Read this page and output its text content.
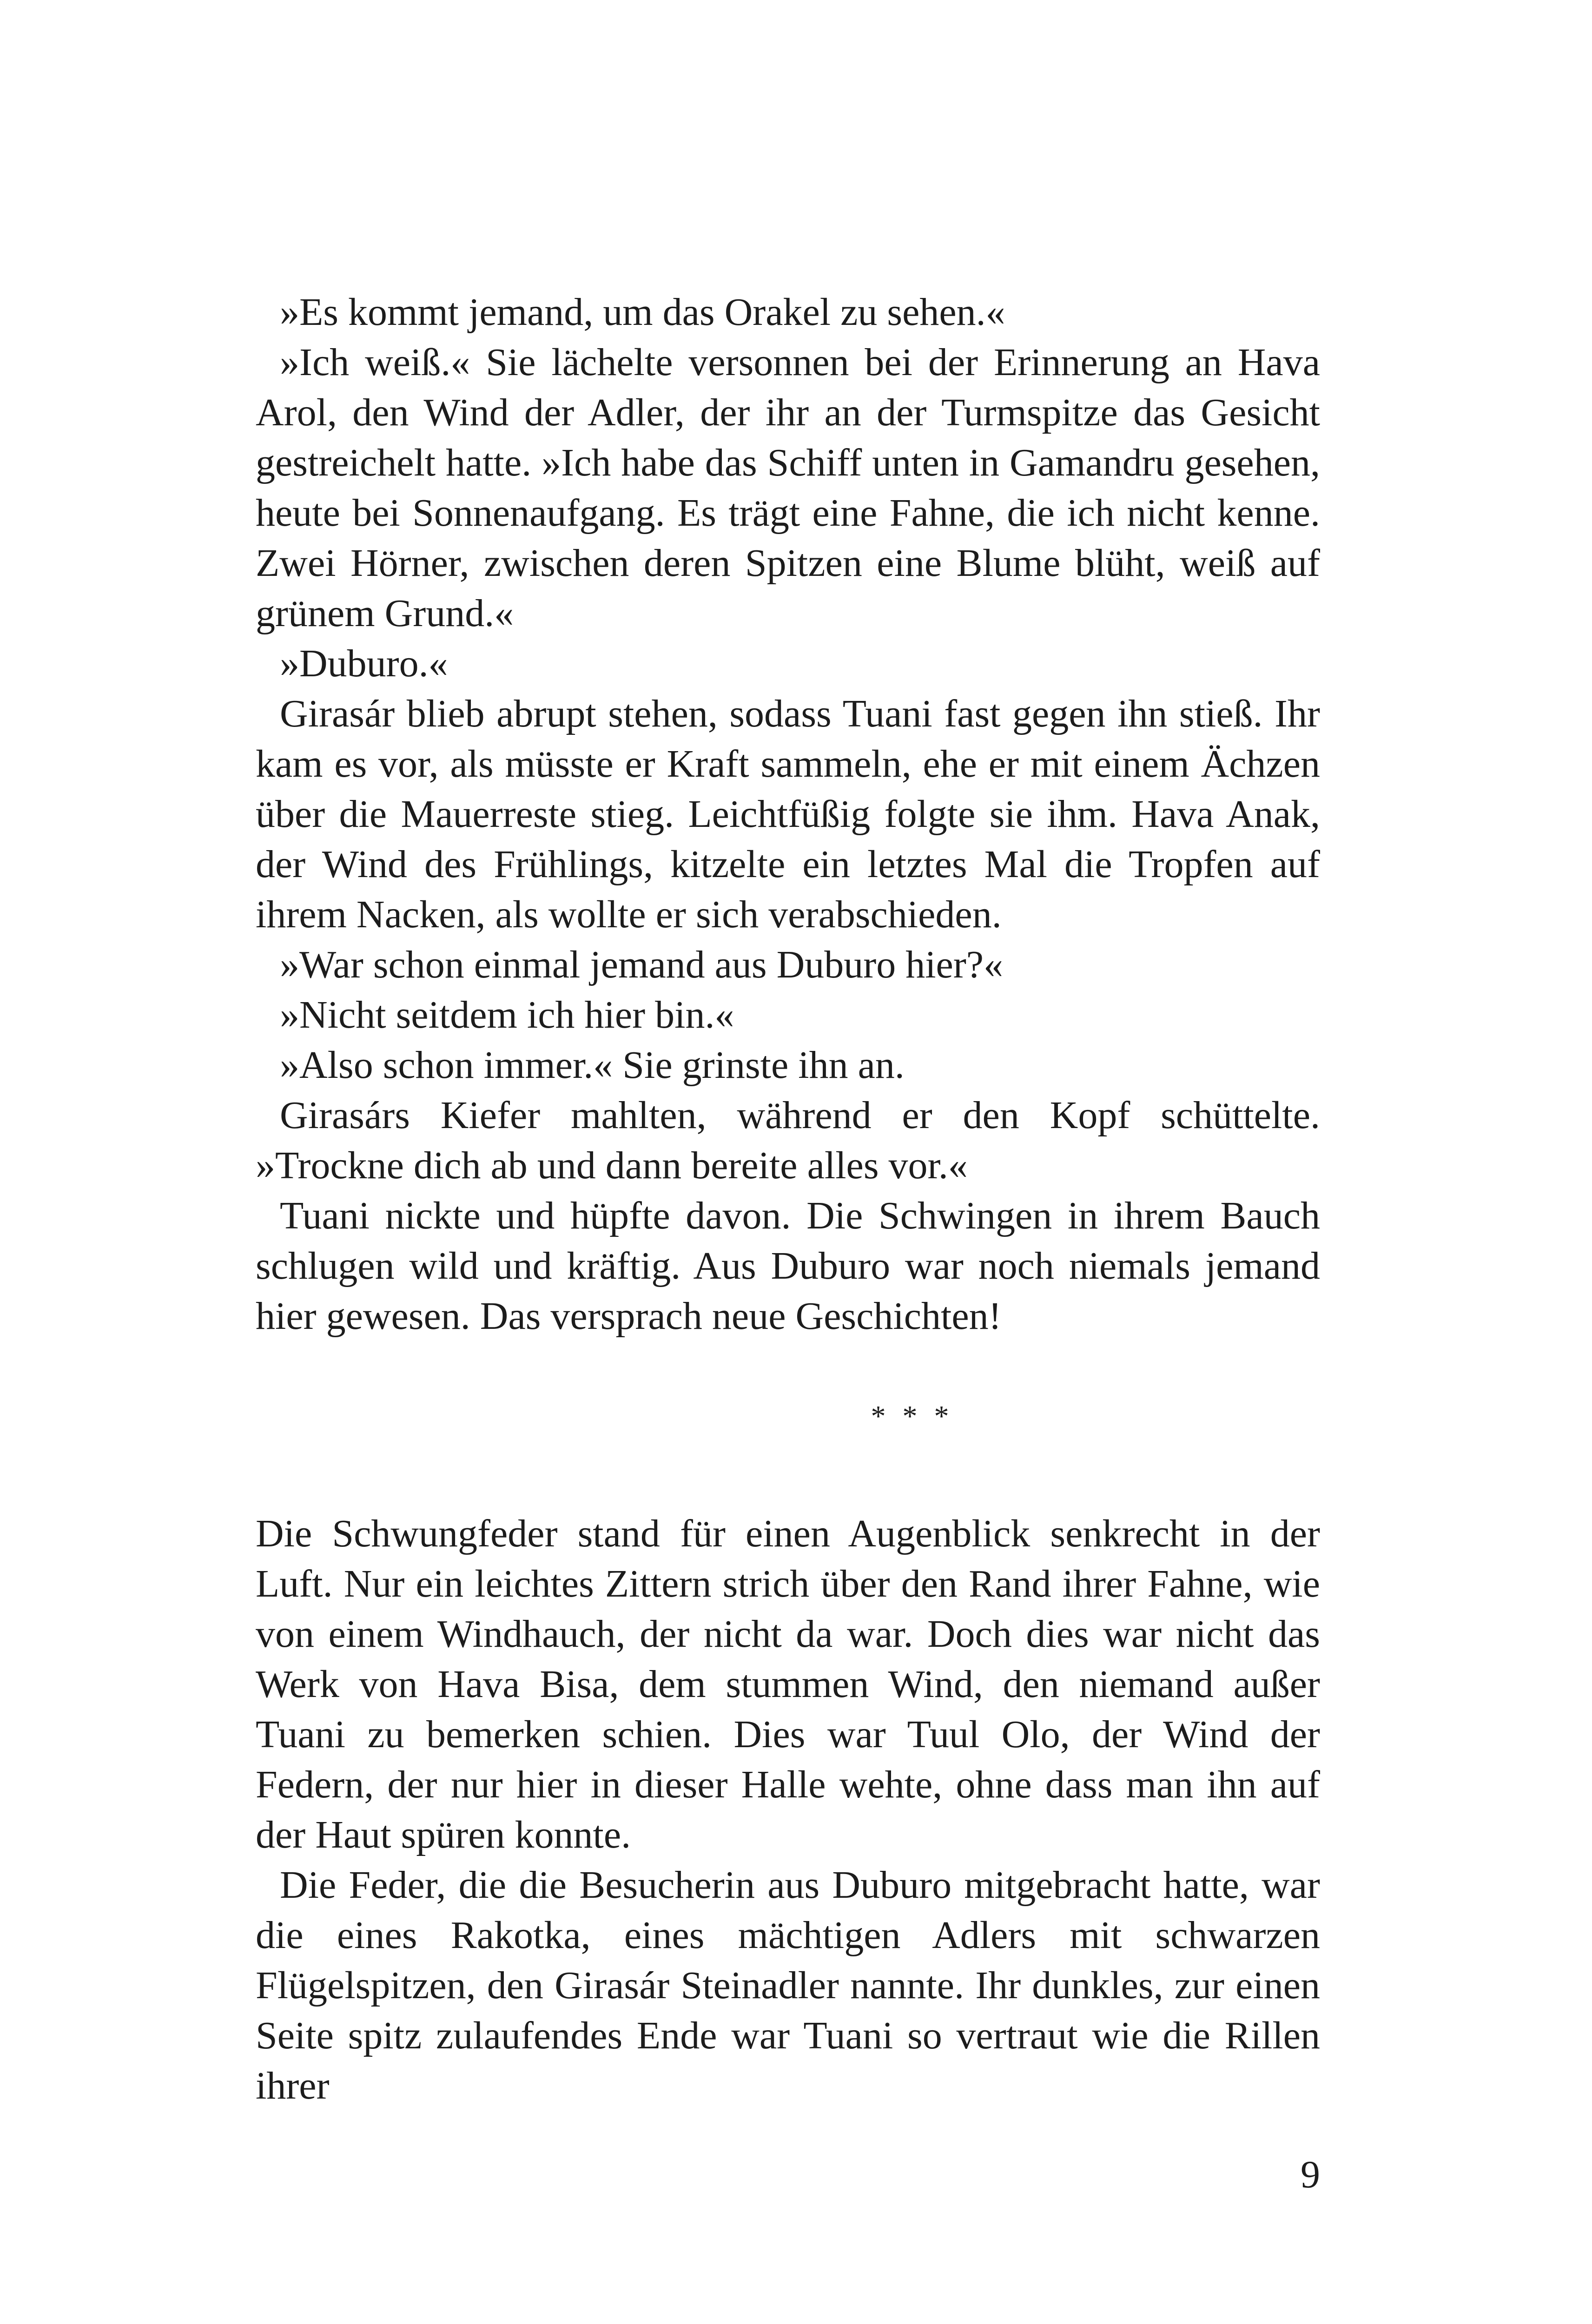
»Es kommt jemand, um das Orakel zu sehen.«

»Ich weiß.« Sie lächelte versonnen bei der Erinnerung an Hava Arol, den Wind der Adler, der ihr an der Turmspitze das Gesicht gestreichelt hatte. »Ich habe das Schiff unten in Gamandru gesehen, heute bei Sonnenaufgang. Es trägt eine Fahne, die ich nicht kenne. Zwei Hörner, zwischen deren Spitzen eine Blume blüht, weiß auf grünem Grund.«

»Duburo.«

Girasár blieb abrupt stehen, sodass Tuani fast gegen ihn stieß. Ihr kam es vor, als müsste er Kraft sammeln, ehe er mit einem Ächzen über die Mauerreste stieg. Leichtfüßig folgte sie ihm. Hava Anak, der Wind des Frühlings, kitzelte ein letztes Mal die Tropfen auf ihrem Nacken, als wollte er sich verabschieden.

»War schon einmal jemand aus Duburo hier?«

»Nicht seitdem ich hier bin.«

»Also schon immer.« Sie grinste ihn an.

Girasárs Kiefer mahlten, während er den Kopf schüttelte. »Trockne dich ab und dann bereite alles vor.«

Tuani nickte und hüpfte davon. Die Schwingen in ihrem Bauch schlugen wild und kräftig. Aus Duburo war noch niemals jemand hier gewesen. Das versprach neue Geschichten!

* * *

Die Schwungfeder stand für einen Augenblick senkrecht in der Luft. Nur ein leichtes Zittern strich über den Rand ihrer Fahne, wie von einem Windhauch, der nicht da war. Doch dies war nicht das Werk von Hava Bisa, dem stummen Wind, den niemand außer Tuani zu bemerken schien. Dies war Tuul Olo, der Wind der Federn, der nur hier in dieser Halle wehte, ohne dass man ihn auf der Haut spüren konnte.

Die Feder, die die Besucherin aus Duburo mitgebracht hatte, war die eines Rakotka, eines mächtigen Adlers mit schwarzen Flügelspitzen, den Girasár Steinadler nannte. Ihr dunkles, zur einen Seite spitz zulaufendes Ende war Tuani so vertraut wie die Rillen ihrer

9
